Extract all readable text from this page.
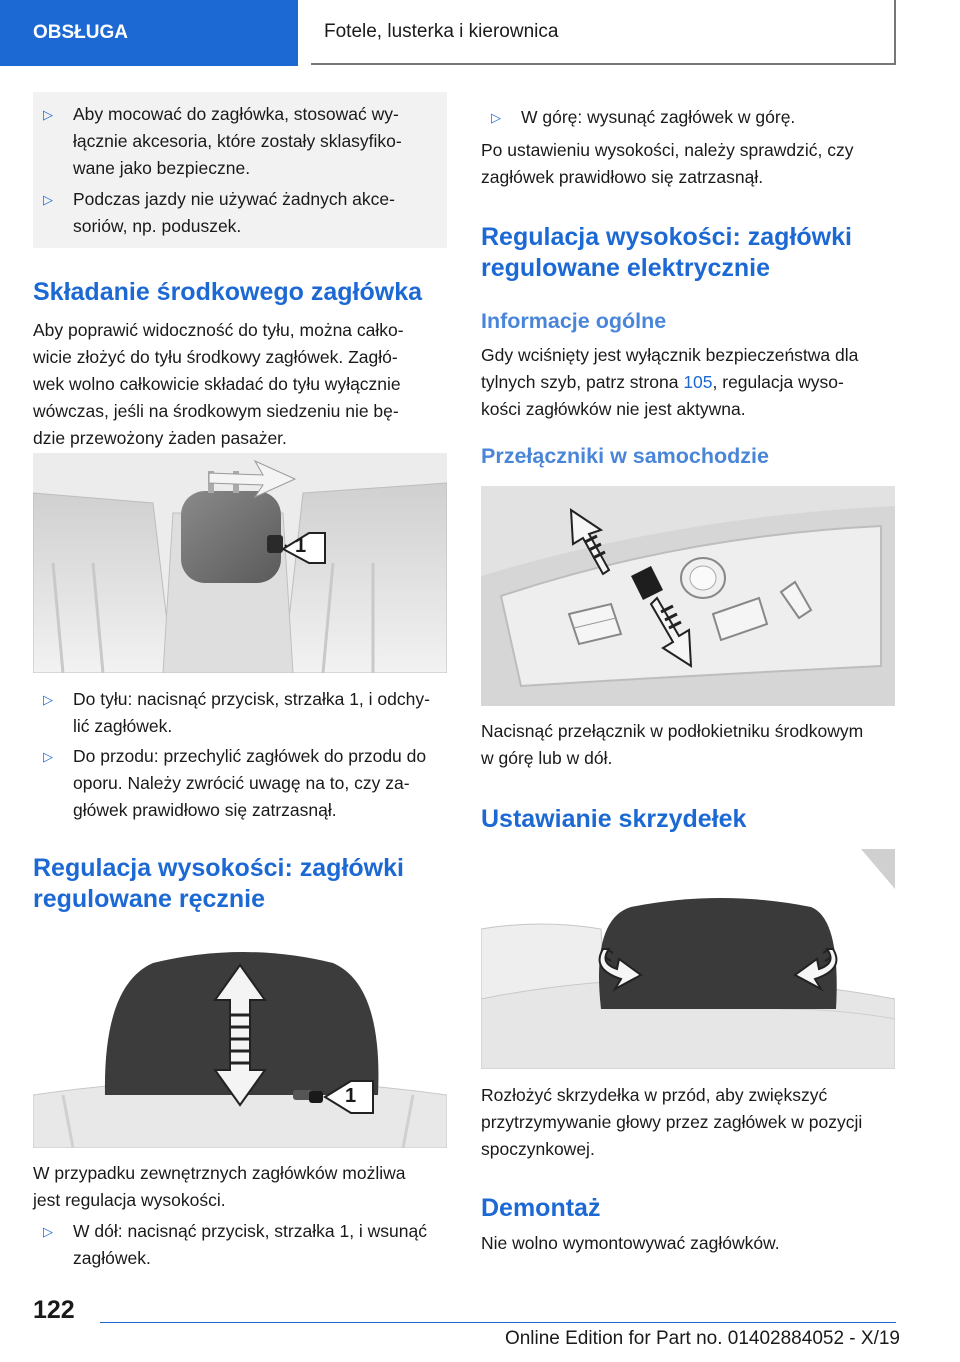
OBSŁUGA	Fotele, lusterka i kierownica
▷ Aby mocować do zagłówka, stosować wy-
łącznie akcesoria, które zostały sklasyfiko-
wane jako bezpieczne.
▷ Podczas jazdy nie używać żadnych akce-
soriów, np. poduszek.
Składanie środkowego zagłówka

Aby poprawić widoczność do tyłu, można całko-

wicie złożyć do tyłu środkowy zagłówek. Zagłó-

wek wolno całkowicie składać do tyłu wyłącznie

wówczas, jeśli na środkowym siedzeniu nie bę-

dzie przewożony żaden pasażer.

1
▷ Do tyłu: nacisnąć przycisk, strzałka 1, i odchy-
lić zagłówek.
▷ Do przodu: przechylić zagłówek do przodu do
oporu. Należy zwrócić uwagę na to, czy za-
główek prawidłowo się zatrzasnął.
Regulacja wysokości: zagłówki
regulowane ręcznie
1

W przypadku zewnętrznych zagłówków możliwa

jest regulacja wysokości.

▷ W dół: nacisnąć przycisk, strzałka 1, i wsunąć
zagłówek.
▷ W górę: wysunąć zagłówek w górę.

Po ustawieniu wysokości, należy sprawdzić, czy

zagłówek prawidłowo się zatrzasnął.

Regulacja wysokości: zagłówki
regulowane elektrycznie
Informacje ogólne

Gdy wciśnięty jest wyłącznik bezpieczeństwa dla

tylnych szyb, patrz strona 105, regulacja wyso-

kości zagłówków nie jest aktywna.

Przełączniki w samochodzie

Nacisnąć przełącznik w podłokietniku środkowym

w górę lub w dół.

Ustawianie skrzydełek

Rozłożyć skrzydełka w przód, aby zwiększyć

przytrzymywanie głowy przez zagłówek w pozycji

spoczynkowej.

Demontaż

Nie wolno wymontowywać zagłówków.

122
Online Edition for Part no. 01402884052 - X/19
